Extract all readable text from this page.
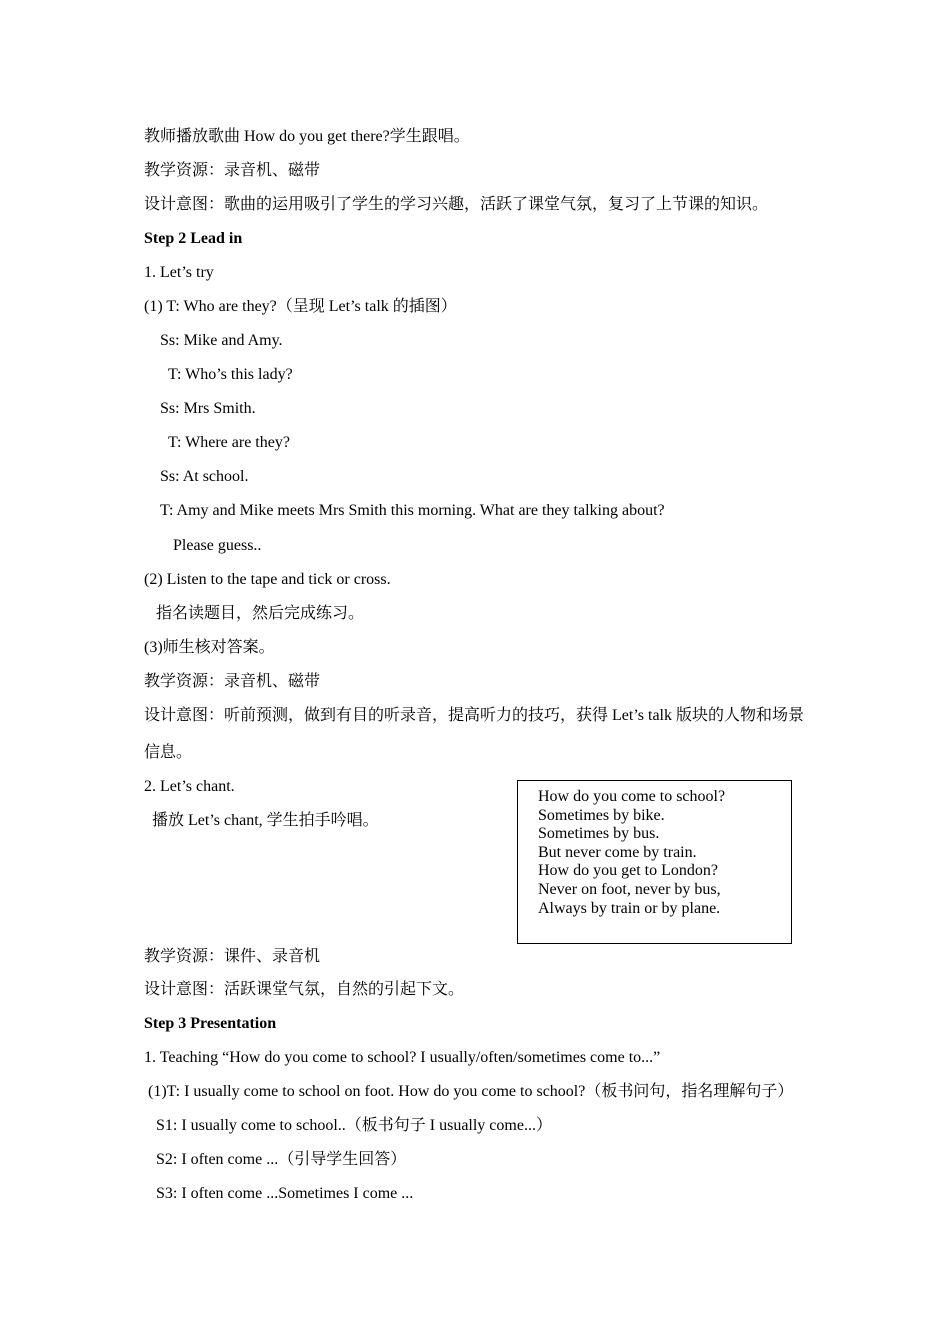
教师播放歌曲 How do you get there?学生跟唱。
教学资源：录音机、磁带
设计意图：歌曲的运用吸引了学生的学习兴趣，活跃了课堂气氛，复习了上节课的知识。
Step 2 Lead in
1. Let’s try
(1) T: Who are they?（呈现 Let’s talk 的插图）
Ss: Mike and Amy.
T: Who’s this lady?
Ss: Mrs Smith.
T: Where are they?
Ss: At school.
T: Amy and Mike meets Mrs Smith this morning. What are they talking about?
Please guess..
(2) Listen to the tape and tick or cross.
指名读题目，然后完成练习。
(3)师生核对答案。
教学资源：录音机、磁带
设计意图：听前预测，做到有目的听录音，提高听力的技巧，获得 Let’s talk 版块的人物和场景
信息。
2. Let’s chant.
播放 Let’s chant, 学生拍手吟唱。
How do you come to school?
Sometimes by bike.
Sometimes by bus.
But never come by train.
How do you get to London?
Never on foot, never by bus,
Always by train or by plane.
教学资源：课件、录音机
设计意图：活跃课堂气氛，自然的引起下文。
Step 3 Presentation
1. Teaching “How do you come to school? I usually/often/sometimes come to...”
(1)T: I usually come to school on foot. How do you come to school?（板书问句，指名理解句子）
S1: I usually come to school..（板书句子 I usually come...）
S2: I often come ...（引导学生回答）
S3: I often come ...Sometimes I come ...
